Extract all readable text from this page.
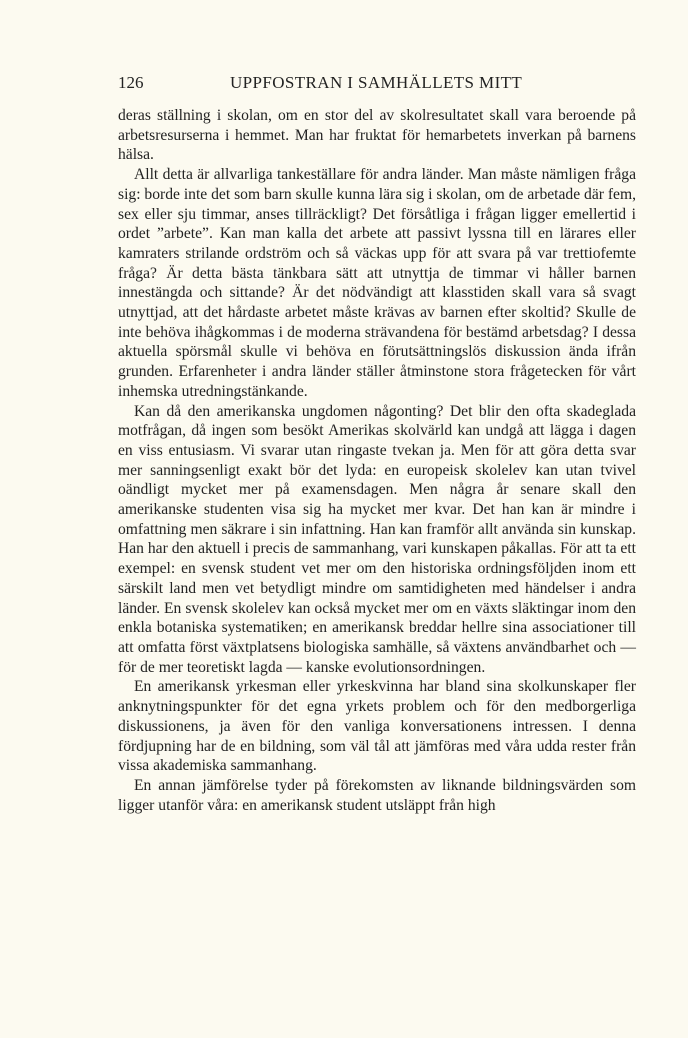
126	UPPFOSTRAN I SAMHÄLLETS MITT

deras ställning i skolan, om en stor del av skolresultatet skall vara beroende på arbetsresurserna i hemmet. Man har fruktat för hemarbetets inverkan på barnens hälsa.

Allt detta är allvarliga tankeställare för andra länder. Man måste nämligen fråga sig: borde inte det som barn skulle kunna lära sig i skolan, om de arbetade där fem, sex eller sju timmar, anses tillräckligt? Det försåtliga i frågan ligger emellertid i ordet ”arbete”. Kan man kalla det arbete att passivt lyssna till en lärares eller kamraters strilande ordström och så väckas upp för att svara på var trettiofemte fråga? Är detta bästa tänkbara sätt att utnyttja de timmar vi håller barnen innestängda och sittande? Är det nödvändigt att klasstiden skall vara så svagt utnyttjad, att det hårdaste arbetet måste krävas av barnen efter skoltid? Skulle de inte behöva ihågkommas i de moderna strävandena för bestämd arbetsdag? I dessa aktuella spörsmål skulle vi behöva en förutsättningslös diskussion ända ifrån grunden. Erfarenheter i andra länder ställer åtminstone stora frågetecken för vårt inhemska utredningstänkande.

Kan då den amerikanska ungdomen någonting? Det blir den ofta skadeglada motfrågan, då ingen som besökt Amerikas skolvärld kan undgå att lägga i dagen en viss entusiasm. Vi svarar utan ringaste tvekan ja. Men för att göra detta svar mer sanningsenligt exakt bör det lyda: en europeisk skolelev kan utan tvivel oändligt mycket mer på examensdagen. Men några år senare skall den amerikanske studenten visa sig ha mycket mer kvar. Det han kan är mindre i omfattning men säkrare i sin infattning. Han kan framför allt använda sin kunskap. Han har den aktuell i precis de sammanhang, vari kunskapen påkallas. För att ta ett exempel: en svensk student vet mer om den historiska ordningsföljden inom ett särskilt land men vet betydligt mindre om samtidigheten med händelser i andra länder. En svensk skolelev kan också mycket mer om en växts släktingar inom den enkla botaniska systematiken; en amerikansk breddar hellre sina associationer till att omfatta först växtplatsens biologiska samhälle, så växtens användbarhet och — för de mer teoretiskt lagda — kanske evolutionsordningen.

En amerikansk yrkesman eller yrkeskvinna har bland sina skolkunskaper fler anknytningspunkter för det egna yrkets problem och för den medborgerliga diskussionens, ja även för den vanliga konversationens intressen. I denna fördjupning har de en bildning, som väl tål att jämföras med våra udda rester från vissa akademiska sammanhang.

En annan jämförelse tyder på förekomsten av liknande bildningsvärden som ligger utanför våra: en amerikansk student utsläppt från high
